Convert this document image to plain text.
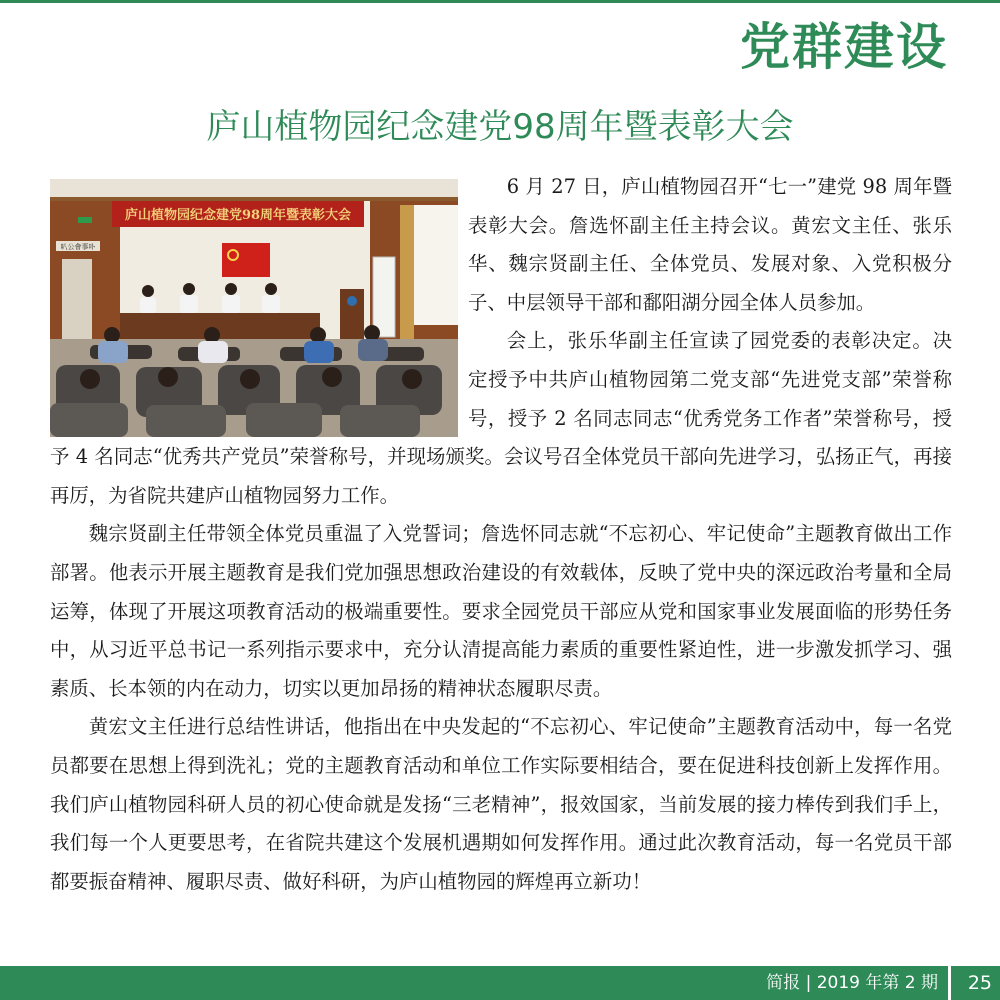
党群建设
庐山植物园纪念建党98周年暨表彰大会
叭公會事卟
庐山植物园纪念建党98周年暨表彰大会

6 月 27 日，庐山植物园召开“七一”建党 98 周年暨表彰大会。詹选怀副主任主持会议。黄宏文主任、张乐华、魏宗贤副主任、全体党员、发展对象、入党积极分子、中层领导干部和鄱阳湖分园全体人员参加。

会上，张乐华副主任宣读了园党委的表彰决定。决定授予中共庐山植物园第二党支部“先进党支部”荣誉称号，授予 2 名同志同志“优秀党务工作者”荣誉称号，授予 4 名同志“优秀共产党员”荣誉称号，并现场颁奖。会议号召全体党员干部向先进学习，弘扬正气，再接再厉，为省院共建庐山植物园努力工作。

魏宗贤副主任带领全体党员重温了入党誓词；詹选怀同志就“不忘初心、牢记使命”主题教育做出工作部署。他表示开展主题教育是我们党加强思想政治建设的有效载体，反映了党中央的深远政治考量和全局运筹，体现了开展这项教育活动的极端重要性。要求全园党员干部应从党和国家事业发展面临的形势任务中，从习近平总书记一系列指示要求中，充分认清提高能力素质的重要性紧迫性，进一步激发抓学习、强素质、长本领的内在动力，切实以更加昂扬的精神状态履职尽责。

黄宏文主任进行总结性讲话，他指出在中央发起的“不忘初心、牢记使命”主题教育活动中，每一名党员都要在思想上得到洗礼；党的主题教育活动和单位工作实际要相结合，要在促进科技创新上发挥作用。我们庐山植物园科研人员的初心使命就是发扬“三老精神”，报效国家，当前发展的接力棒传到我们手上，我们每一个人更要思考，在省院共建这个发展机遇期如何发挥作用。通过此次教育活动，每一名党员干部都要振奋精神、履职尽责、做好科研，为庐山植物园的辉煌再立新功！

简报 | 2019 年第 2 期 25
